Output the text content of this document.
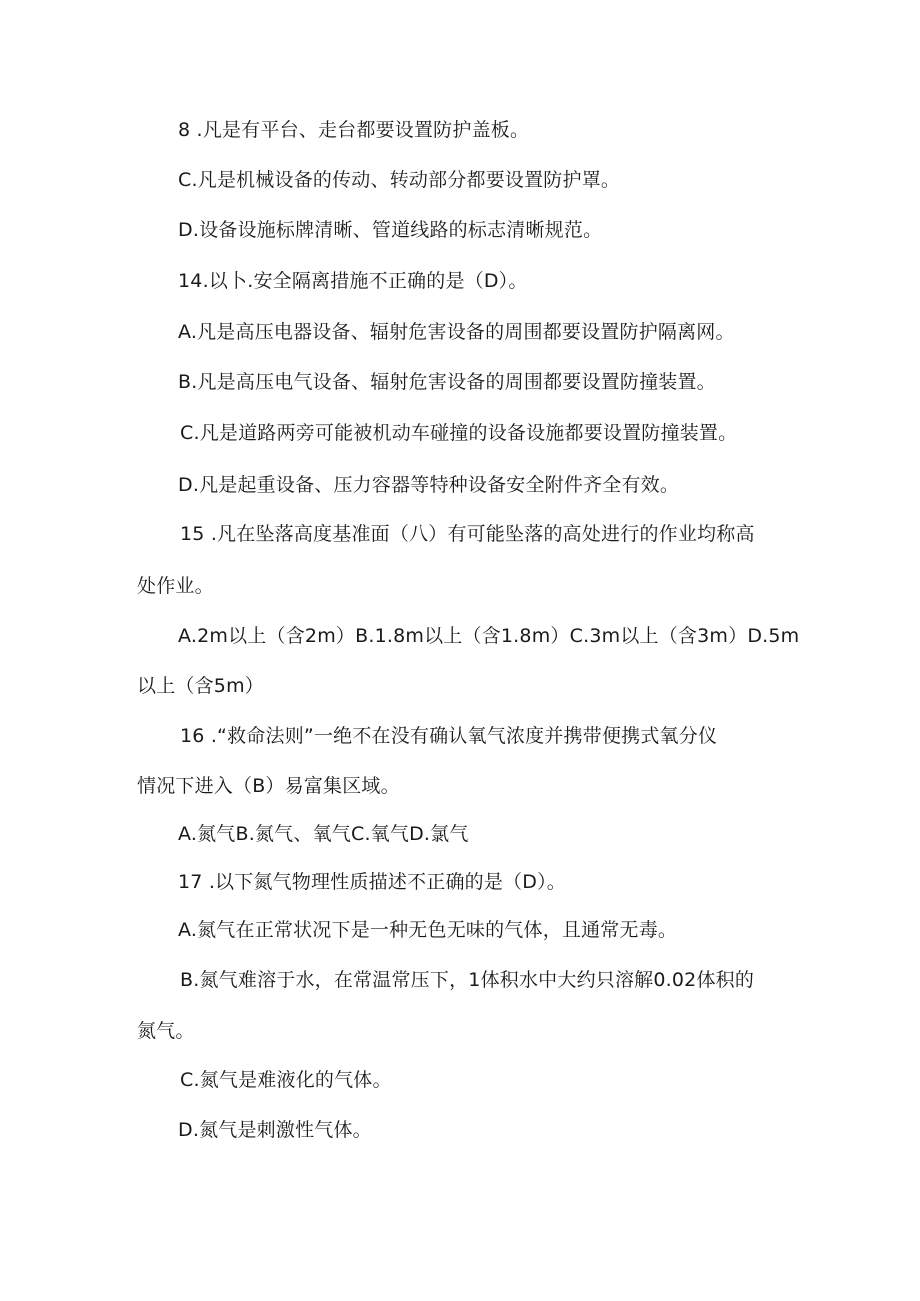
8 .凡是有平台、走台都要设置防护盖板。
C.凡是机械设备的传动、转动部分都要设置防护罩。
D.设备设施标牌清晰、管道线路的标志清晰规范。
14.以卜.安全隔离措施不正确的是（D）。
A.凡是高压电器设备、辐射危害设备的周围都要设置防护隔离网。
B.凡是高压电气设备、辐射危害设备的周围都要设置防撞装置。
C.凡是道路两旁可能被机动车碰撞的设备设施都要设置防撞装置。
D.凡是起重设备、压力容器等特种设备安全附件齐全有效。
15 .凡在坠落高度基准面（八）有可能坠落的高处进行的作业均称高
处作业。
A.2m以上（含2m）B.1.8m以上（含1.8m）C.3m以上（含3m）D.5m
以上（含5m）
16 .“救命法则”一绝不在没有确认氧气浓度并携带便携式氧分仪
情况下进入（B）易富集区域。
A.氮气B.氮气、氧气C.氧气D.氯气
17 .以下氮气物理性质描述不正确的是（D）。
A.氮气在正常状况下是一种无色无味的气体，且通常无毒。
B.氮气难溶于水，在常温常压下，1体积水中大约只溶解0.02体积的
氮气。
C.氮气是难液化的气体。
D.氮气是刺激性气体。
